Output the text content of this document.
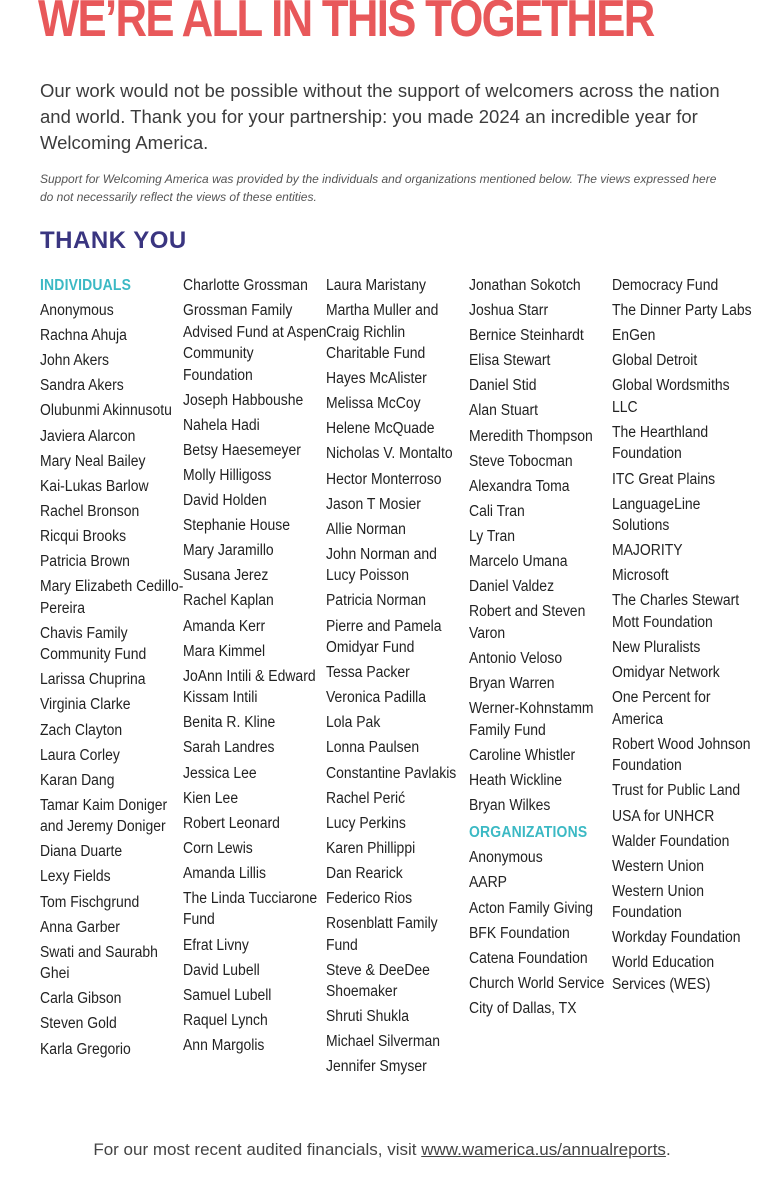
WE’RE ALL IN THIS TOGETHER

Our work would not be possible without the support of welcomers across the nation and world. Thank you for your partnership: you made 2024 an incredible year for Welcoming America.

Support for Welcoming America was provided by the individuals and organizations mentioned below. The views expressed here do not necessarily reflect the views of these entities.

THANK YOU
INDIVIDUALS
Anonymous
Rachna Ahuja
John Akers
Sandra Akers
Olubunmi Akinnusotu
Javiera Alarcon
Mary Neal Bailey
Kai-Lukas Barlow
Rachel Bronson
Ricqui Brooks
Patricia Brown
Mary Elizabeth Cedillo-Pereira
Chavis Family Community Fund
Larissa Chuprina
Virginia Clarke
Zach Clayton
Laura Corley
Karan Dang
Tamar Kaim Doniger and Jeremy Doniger
Diana Duarte
Lexy Fields
Tom Fischgrund
Anna Garber
Swati and Saurabh Ghei
Carla Gibson
Steven Gold
Karla Gregorio
Charlotte Grossman
Grossman Family Advised Fund at Aspen Community Foundation
Joseph Habboushe
Nahela Hadi
Betsy Haesemeyer
Molly Hilligoss
David Holden
Stephanie House
Mary Jaramillo
Susana Jerez
Rachel Kaplan
Amanda Kerr
Mara Kimmel
JoAnn Intili & Edward Kissam Intili
Benita R. Kline
Sarah Landres
Jessica Lee
Kien Lee
Robert Leonard
Corn Lewis
Amanda Lillis
The Linda Tucciarone Fund
Efrat Livny
David Lubell
Samuel Lubell
Raquel Lynch
Ann Margolis
Laura Maristany
Martha Muller and Craig Richlin Charitable Fund
Hayes McAlister
Melissa McCoy
Helene McQuade
Nicholas V. Montalto
Hector Monterroso
Jason T Mosier
Allie Norman
John Norman and Lucy Poisson
Patricia Norman
Pierre and Pamela Omidyar Fund
Tessa Packer
Veronica Padilla
Lola Pak
Lonna Paulsen
Constantine Pavlakis
Rachel Perić
Lucy Perkins
Karen Phillippi
Dan Rearick
Federico Rios
Rosenblatt Family Fund
Steve & DeeDee Shoemaker
Shruti Shukla
Michael Silverman
Jennifer Smyser
Jonathan Sokotch
Joshua Starr
Bernice Steinhardt
Elisa Stewart
Daniel Stid
Alan Stuart
Meredith Thompson
Steve Tobocman
Alexandra Toma
Cali Tran
Ly Tran
Marcelo Umana
Daniel Valdez
Robert and Steven Varon
Antonio Veloso
Bryan Warren
Werner-Kohnstamm Family Fund
Caroline Whistler
Heath Wickline
Bryan Wilkes
ORGANIZATIONS
Anonymous
AARP
Acton Family Giving
BFK Foundation
Catena Foundation
Church World Service
City of Dallas, TX
Democracy Fund
The Dinner Party Labs
EnGen
Global Detroit
Global Wordsmiths LLC
The Hearthland Foundation
ITC Great Plains
LanguageLine Solutions
MAJORITY
Microsoft
The Charles Stewart Mott Foundation
New Pluralists
Omidyar Network
One Percent for America
Robert Wood Johnson Foundation
Trust for Public Land
USA for UNHCR
Walder Foundation
Western Union
Western Union Foundation
Workday Foundation
World Education Services (WES)

For our most recent audited financials, visit www.wamerica.us/annualreports.
